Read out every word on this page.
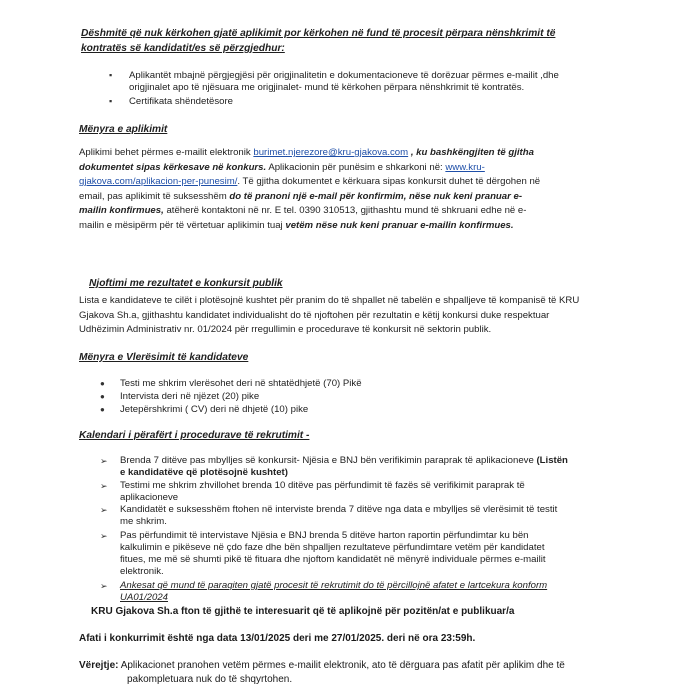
Dëshmitë që nuk kërkohen gjatë aplikimit por kërkohen në fund të procesit përpara nënshkrimit të
kontratës së kandidatit/es së përzgjedhur:
▪ Aplikantët mbajnë përgjegjësi për origjinalitetin e dokumentacioneve të dorëzuar përmes e-mailit ,dhe
origjinalet apo të njësuara me origjinalet- mund të kërkohen përpara nënshkrimit të kontratës.
▪ Certifikata shëndetësore
Mënyra e aplikimit
Aplikimi behet përmes e-mailit elektronik burimet.njerezore@kru-gjakova.com , ku bashkëngjiten të gjitha
dokumentet sipas kërkesave në konkurs. Aplikacionin për punësim e shkarkoni në: www.kru-
gjakova.com/aplikacion-per-punesim/. Të gjitha dokumentet e kërkuara sipas konkursit duhet të dërgohen në
email, pas aplikimit të suksesshëm do të pranoni një e-mail për konfirmim, nëse nuk keni pranuar e-
mailin konfirmues, atëherë kontaktoni në nr. E tel. 0390 310513, gjithashtu mund të shkruani edhe në e-
mailin e mësipërm për të vërtetuar aplikimin tuaj vetëm nëse nuk keni pranuar e-mailin konfirmues.
Njoftimi me rezultatet e konkursit publik
Lista e kandidateve te cilët i plotësojnë kushtet për pranim do të shpallet në tabelën e shpalljeve të kompanisë të KRU
Gjakova Sh.a, gjithashtu kandidatet individualisht do të njoftohen për rezultatin e këtij konkursi duke respektuar
Udhëzimin Administrativ nr. 01/2024 për rregullimin e procedurave të konkursit në sektorin publik.
Mënyra e Vlerësimit të kandidateve
● Testi me shkrim vlerësohet deri në shtatëdhjetë (70) Pikë
● Intervista deri në njëzet (20) pike
● Jetepërshkrimi ( CV) deri në dhjetë (10) pike
Kalendari i përafërt i procedurave të rekrutimit -
➢ Brenda 7 ditëve pas mbylljes së konkursit- Njësia e BNJ bën verifikimin paraprak të aplikacioneve (Listën
e kandidatëve që plotësojnë kushtet)
➢ Testimi me shkrim zhvillohet brenda 10 ditëve pas përfundimit të fazës së verifikimit paraprak të
aplikacioneve
➢ Kandidatët e suksesshëm ftohen në interviste brenda 7 ditëve nga data e mbylljes së vlerësimit të testit
me shkrim.
➢ Pas përfundimit të intervistave Njësia e BNJ brenda 5 ditëve harton raportin përfundimtar ku bën
kalkulimin e pikëseve në çdo faze dhe bën shpalljen rezultateve përfundimtare vetëm për kandidatet
fitues, me më së shumti pikë të fituara dhe njoftom kandidatët në mënyrë individuale përmes e-mailit
elektronik.
➢ Ankesat që mund të paraqiten gjatë procesit të rekrutimit do të përcillojnë afatet e lartcekura konform
UA01/2024
KRU Gjakova Sh.a fton të gjithë te interesuarit që të aplikojnë për pozitën/at e publikuar/a
Afati i konkurrimit është nga data 13/01/2025 deri me 27/01/2025. deri në ora 23:59h.
Vërejtje: Aplikacionet pranohen vetëm përmes e-mailit elektronik, ato të dërguara pas afatit për aplikim dhe të
pakompletuara nuk do të shqyrtohen.
